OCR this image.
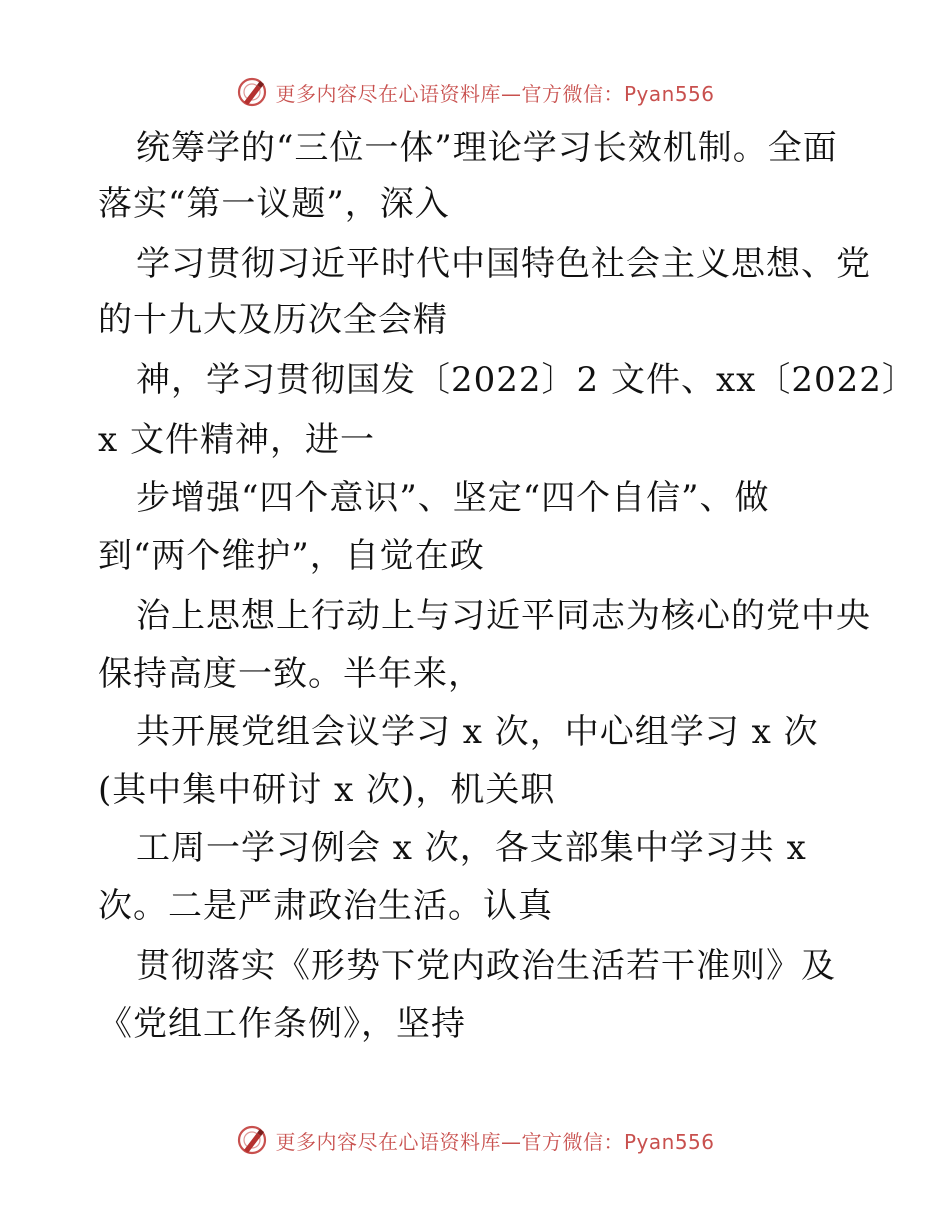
更多内容尽在心语资料库—官方微信：Pyan556
统筹学的“三位一体”理论学习长效机制。全面
落实“第一议题”，深入
学习贯彻习近平时代中国特色社会主义思想、党
的十九大及历次全会精
神，学习贯彻国发〔2022〕2 文件、xx〔2022〕
x 文件精神，进一
步增强“四个意识”、坚定“四个自信”、做
到“两个维护”，自觉在政
治上思想上行动上与习近平同志为核心的党中央
保持高度一致。半年来，
共开展党组会议学习 x 次，中心组学习 x 次
(其中集中研讨 x 次)，机关职
工周一学习例会 x 次，各支部集中学习共 x
次。二是严肃政治生活。认真
贯彻落实《形势下党内政治生活若干准则》及
《党组工作条例》，坚持
更多内容尽在心语资料库—官方微信：Pyan556
